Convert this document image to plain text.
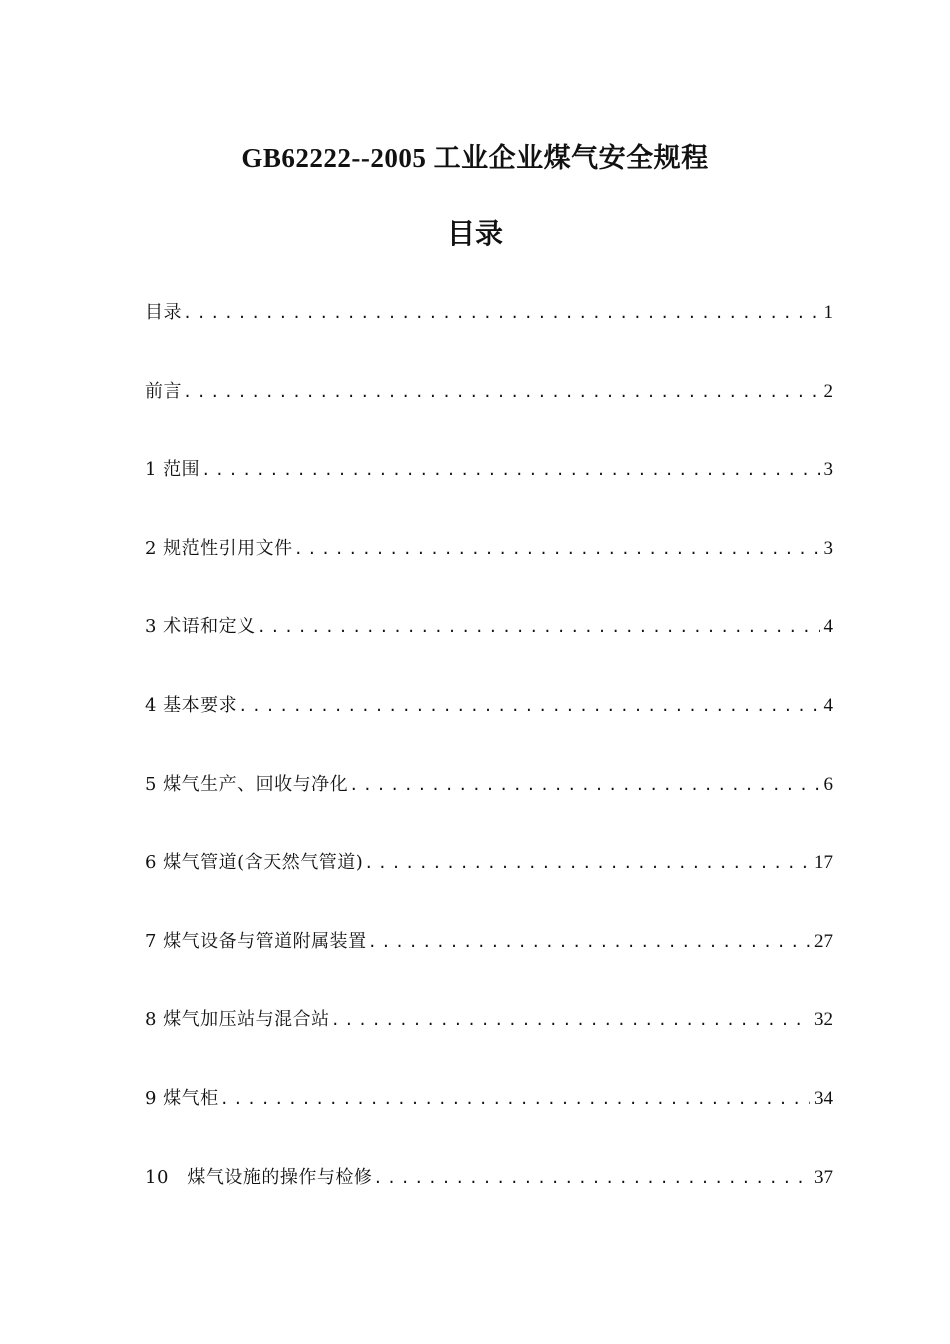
GB62222--2005 工业企业煤气安全规程
目录
目录 .....	1
前言 .....	2
1 范围 .....	3
2 规范性引用文件 .....	3
3 术语和定义 .....	4
4 基本要求 .....	4
5 煤气生产、回收与净化 .....	6
6 煤气管道(含天然气管道) .....	17
7 煤气设备与管道附属装置 .....	27
8 煤气加压站与混合站 .....	32
9 煤气柜 .....	34
10　煤气设施的操作与检修 .....	37
